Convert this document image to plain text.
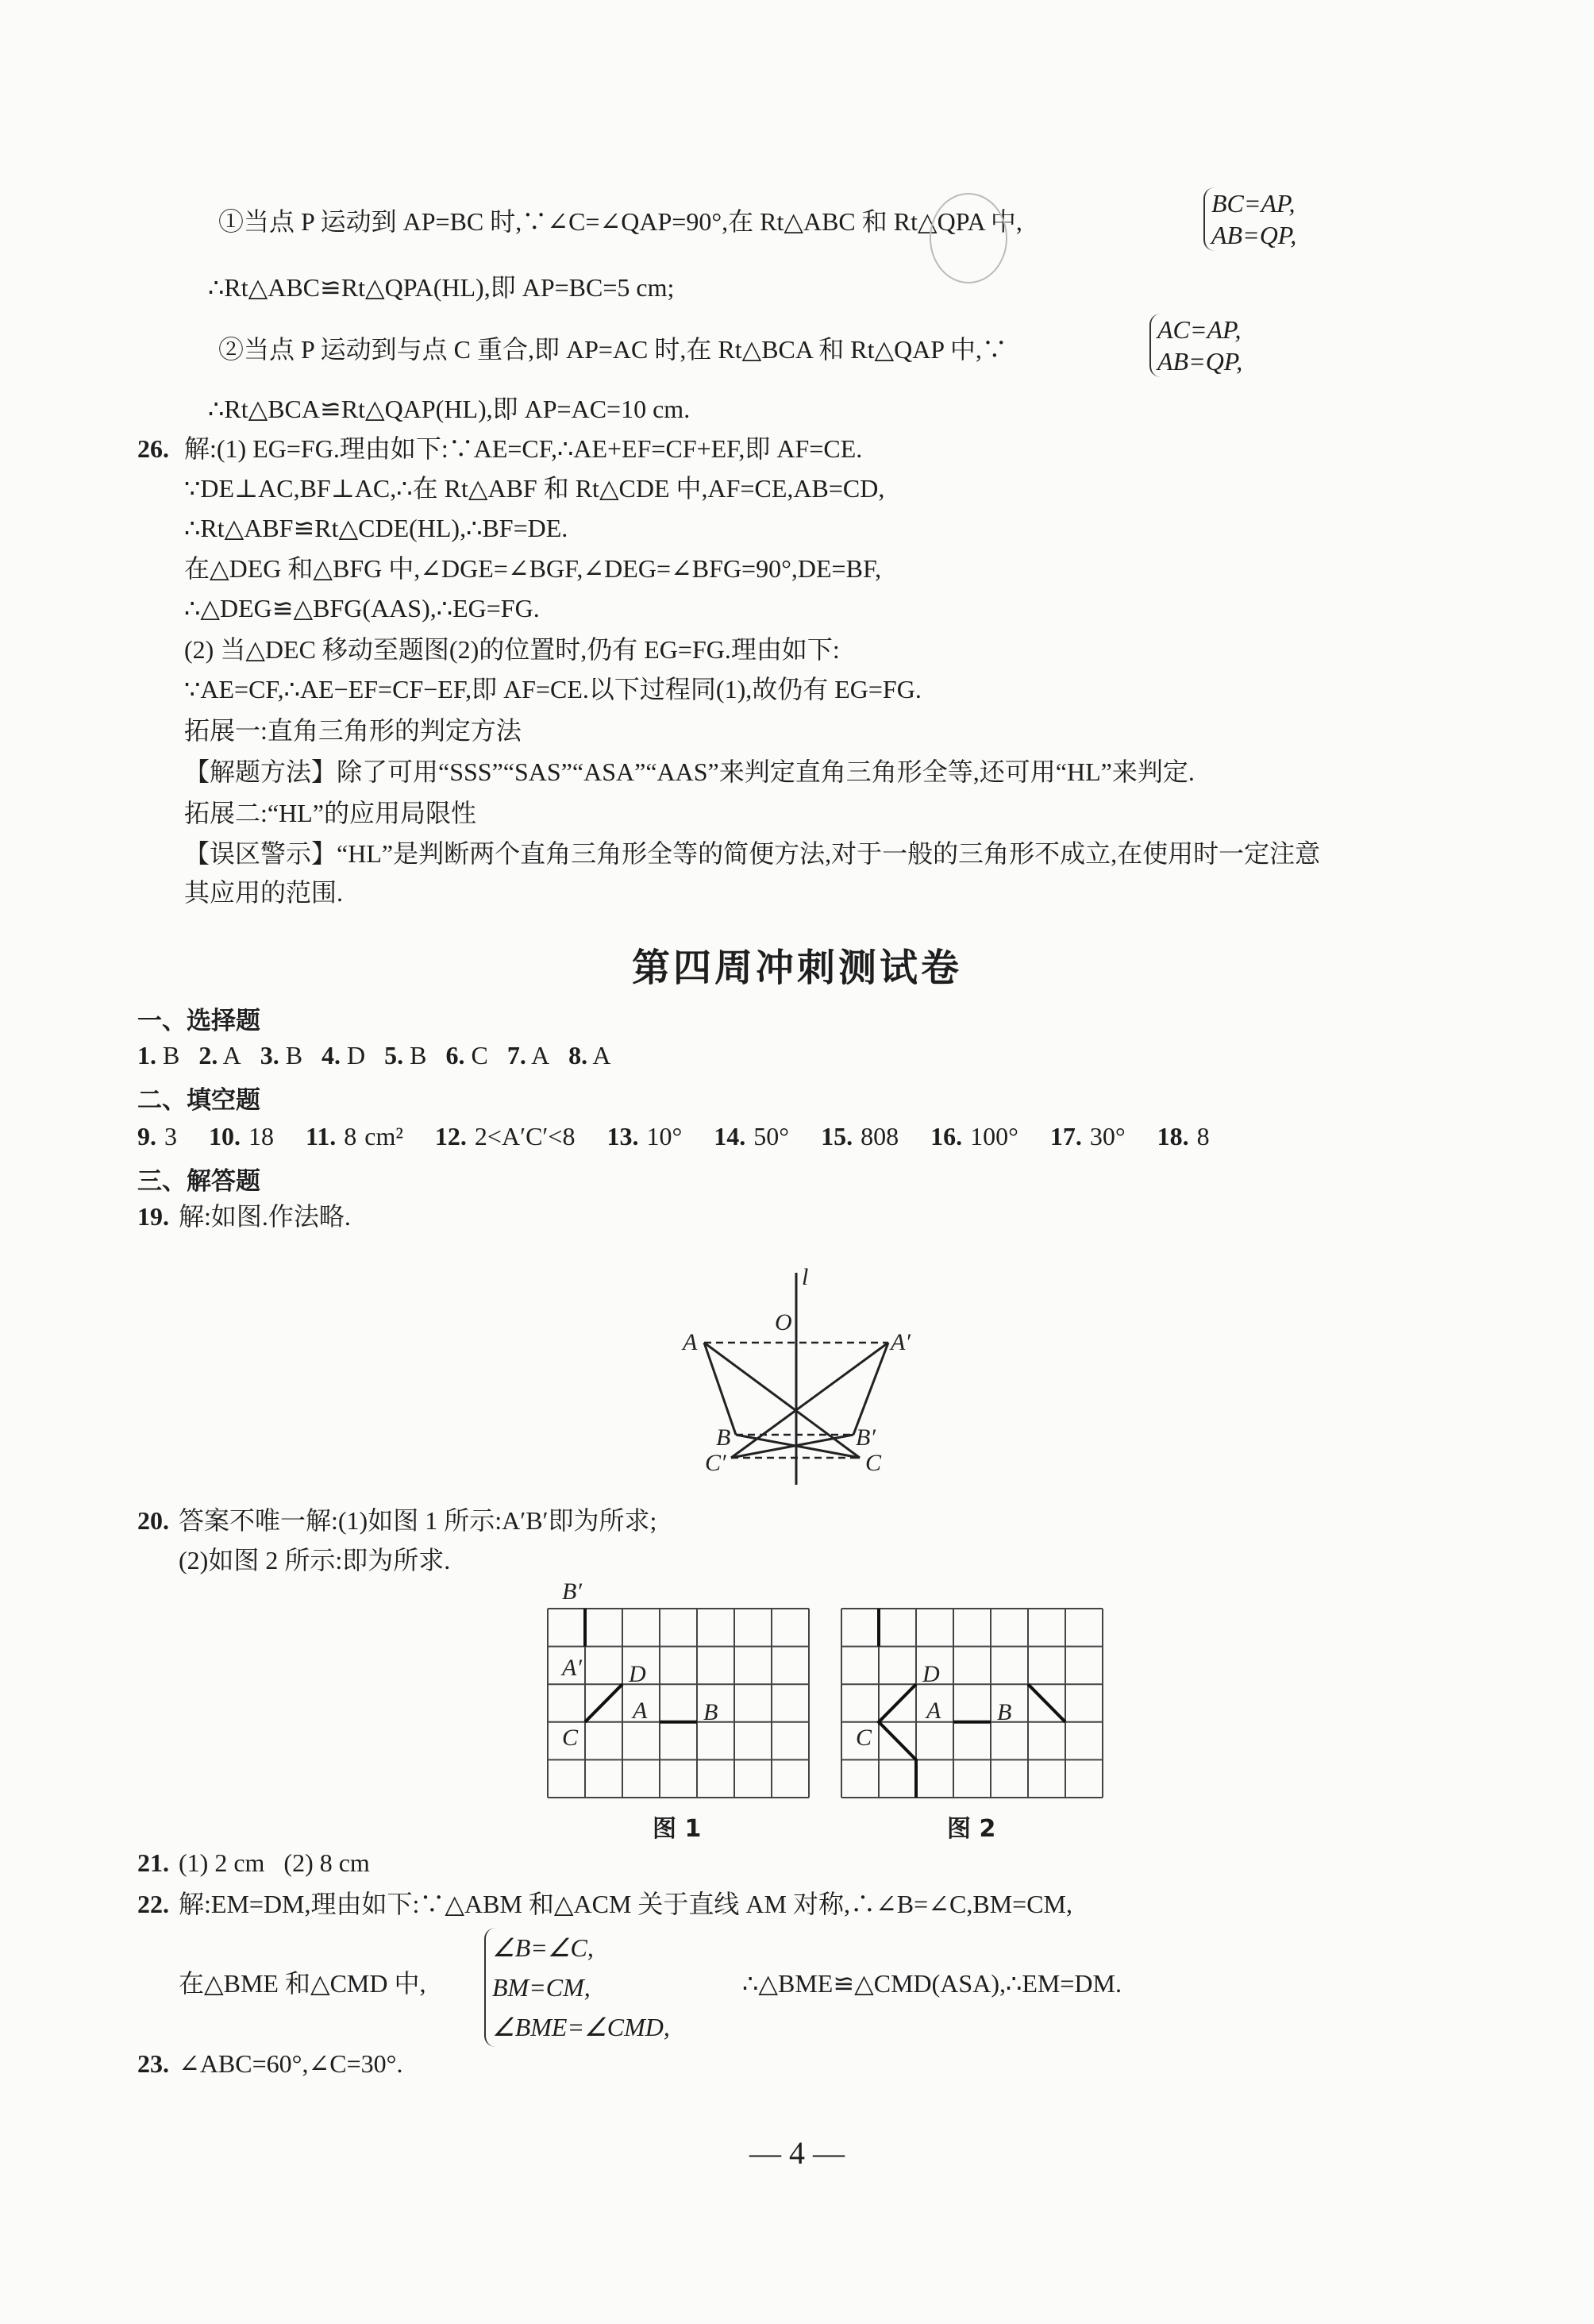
①当点 P 运动到 AP=BC 时,∵∠C=∠QAP=90°,在 Rt△ABC 和 Rt△QPA 中,
BC=AP,
AB=QP,
∴Rt△ABC≌Rt△QPA(HL),即 AP=BC=5 cm;
②当点 P 运动到与点 C 重合,即 AP=AC 时,在 Rt△BCA 和 Rt△QAP 中,∵
AC=AP,
AB=QP,
∴Rt△BCA≌Rt△QAP(HL),即 AP=AC=10 cm.
26. 解:(1) EG=FG.理由如下:∵AE=CF,∴AE+EF=CF+EF,即 AF=CE.
∵DE⊥AC,BF⊥AC,∴在 Rt△ABF 和 Rt△CDE 中,AF=CE,AB=CD,
∴Rt△ABF≌Rt△CDE(HL),∴BF=DE.
在△DEG 和△BFG 中,∠DGE=∠BGF,∠DEG=∠BFG=90°,DE=BF,
∴△DEG≌△BFG(AAS),∴EG=FG.
(2) 当△DEC 移动至题图(2)的位置时,仍有 EG=FG.理由如下:
∵AE=CF,∴AE−EF=CF−EF,即 AF=CE.以下过程同(1),故仍有 EG=FG.
拓展一:直角三角形的判定方法
【解题方法】除了可用“SSS”“SAS”“ASA”“AAS”来判定直角三角形全等,还可用“HL”来判定.
拓展二:“HL”的应用局限性
【误区警示】“HL”是判断两个直角三角形全等的简便方法,对于一般的三角形不成立,在使用时一定注意
其应用的范围.
第四周冲刺测试卷
一、选择题
1. B 2. A 3. B 4. D 5. B 6. C 7. A 8. A
二、填空题
9. 3 10. 18 11. 8 cm² 12. 2<A′C′<8 13. 10° 14. 50° 15. 808 16. 100° 17. 30° 18. 8
三、解答题
19. 解:如图.作法略.
l
O
A	A′
B	B′
C′	C
20. 答案不唯一解:(1)如图 1 所示:A′B′即为所求;
(2)如图 2 所示:即为所求.
B′
A′ D
A B
C
D
A B
C
图 1	图 2
21. (1) 2 cm   (2) 8 cm
22. 解:EM=DM,理由如下:∵△ABM 和△ACM 关于直线 AM 对称,∴∠B=∠C,BM=CM,
在△BME 和△CMD 中,
∠B=∠C,
BM=CM,
∠BME=∠CMD,
∴△BME≌△CMD(ASA),∴EM=DM.
23. ∠ABC=60°,∠C=30°.
— 4 —
